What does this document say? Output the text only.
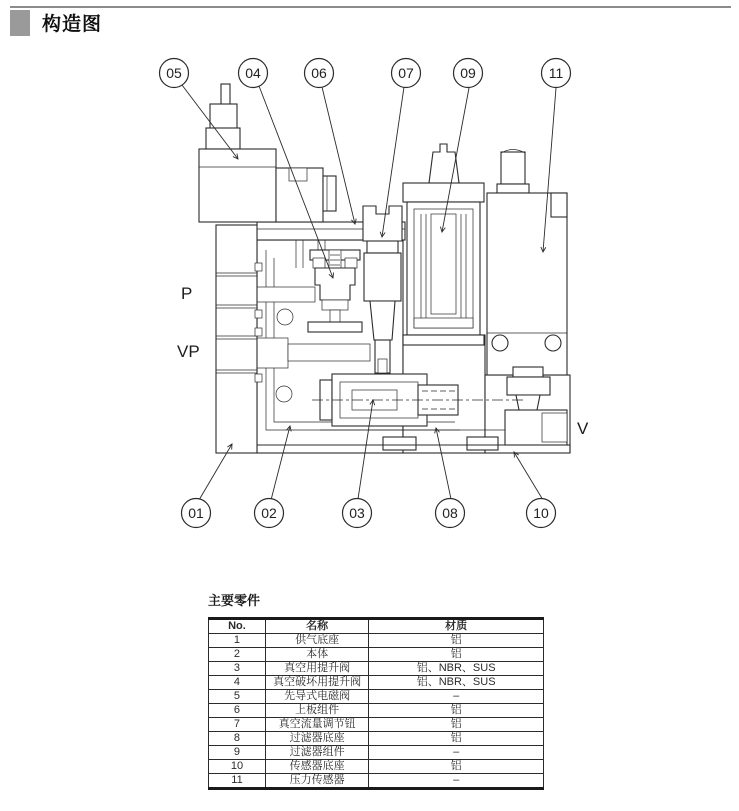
构造图
P
VP
V
05	04	06	07	09	11
01	02	03	08	10
主要零件
No.	名称	材质
1	供气底座	铝
2	本体	铝
3	真空用提升阀	铝、NBR、SUS
4	真空破坏用提升阀	铝、NBR、SUS
5	先导式电磁阀	–
6	上板组件	铝
7	真空流量调节钮	铝
8	过滤器底座	铝
9	过滤器组件	–
10	传感器底座	铝
11	压力传感器	–
